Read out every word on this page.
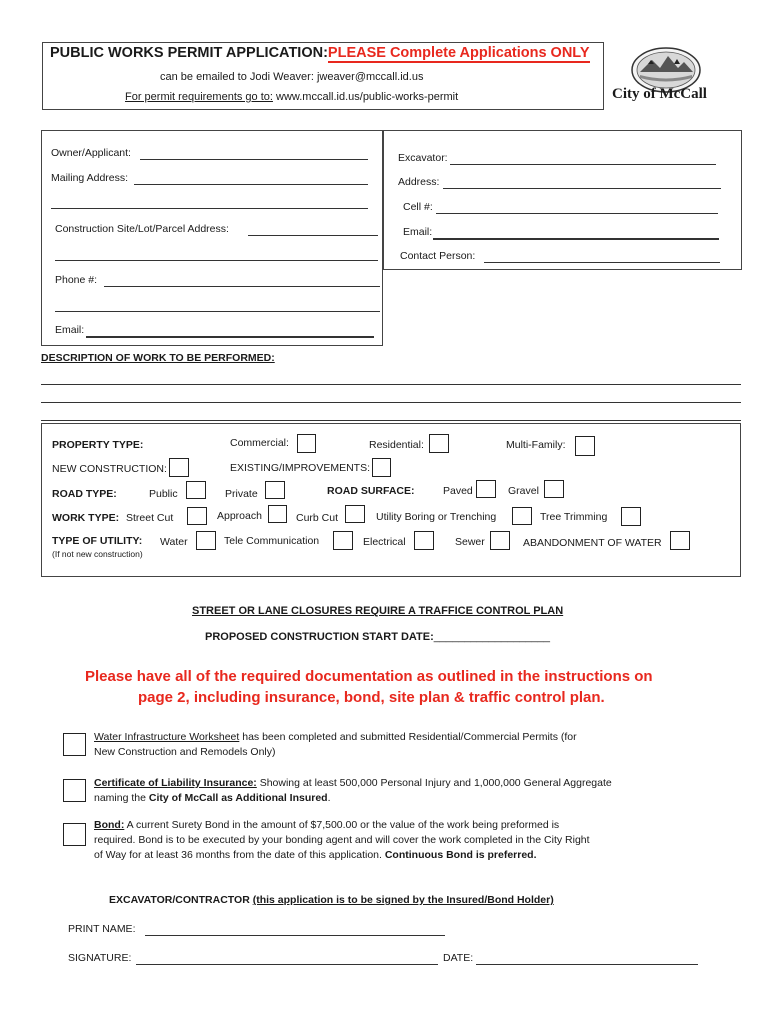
PUBLIC WORKS PERMIT APPLICATION:PLEASE Complete Applications ONLY
can be emailed to Jodi Weaver: jweaver@mccall.id.us
For permit requirements go to: www.mccall.id.us/public-works-permit	City of McCall
Owner/Applicant:
Mailing Address:
Construction Site/Lot/Parcel Address:
Phone #:
Email:
Excavator:
Address:
Cell #:
Email:
Contact Person:
DESCRIPTION OF WORK TO BE PERFORMED:
PROPERTY TYPE:	Commercial:	Residential:	Multi-Family:
NEW CONSTRUCTION:	EXISTING/IMPROVEMENTS:
ROAD TYPE:	Public	Private	ROAD SURFACE:	Paved	Gravel
WORK TYPE: Street Cut	Approach	Curb Cut	Utility Boring or Trenching	Tree Trimming
TYPE OF UTILITY:
(If not new construction)
Water	Tele Communication	Electrical	Sewer	ABANDONMENT OF WATER
STREET OR LANE CLOSURES REQUIRE A TRAFFICE CONTROL PLAN
PROPOSED CONSTRUCTION START DATE:___________________
Please have all of the required documentation as outlined in the instructions on
page 2, including insurance, bond, site plan & traffic control plan.
Water Infrastructure Worksheet has been completed and submitted Residential/Commercial Permits (for
New Construction and Remodels Only)
Certificate of Liability Insurance: Showing at least 500,000 Personal Injury and 1,000,000 General Aggregate
naming the City of McCall as Additional Insured.
Bond: A current Surety Bond in the amount of $7,500.00 or the value of the work being preformed is
required. Bond is to be executed by your bonding agent and will cover the work completed in the City Right
of Way for at least 36 months from the date of this application. Continuous Bond is preferred.
EXCAVATOR/CONTRACTOR (this application is to be signed by the Insured/Bond Holder)
PRINT NAME:
SIGNATURE:	DATE:
